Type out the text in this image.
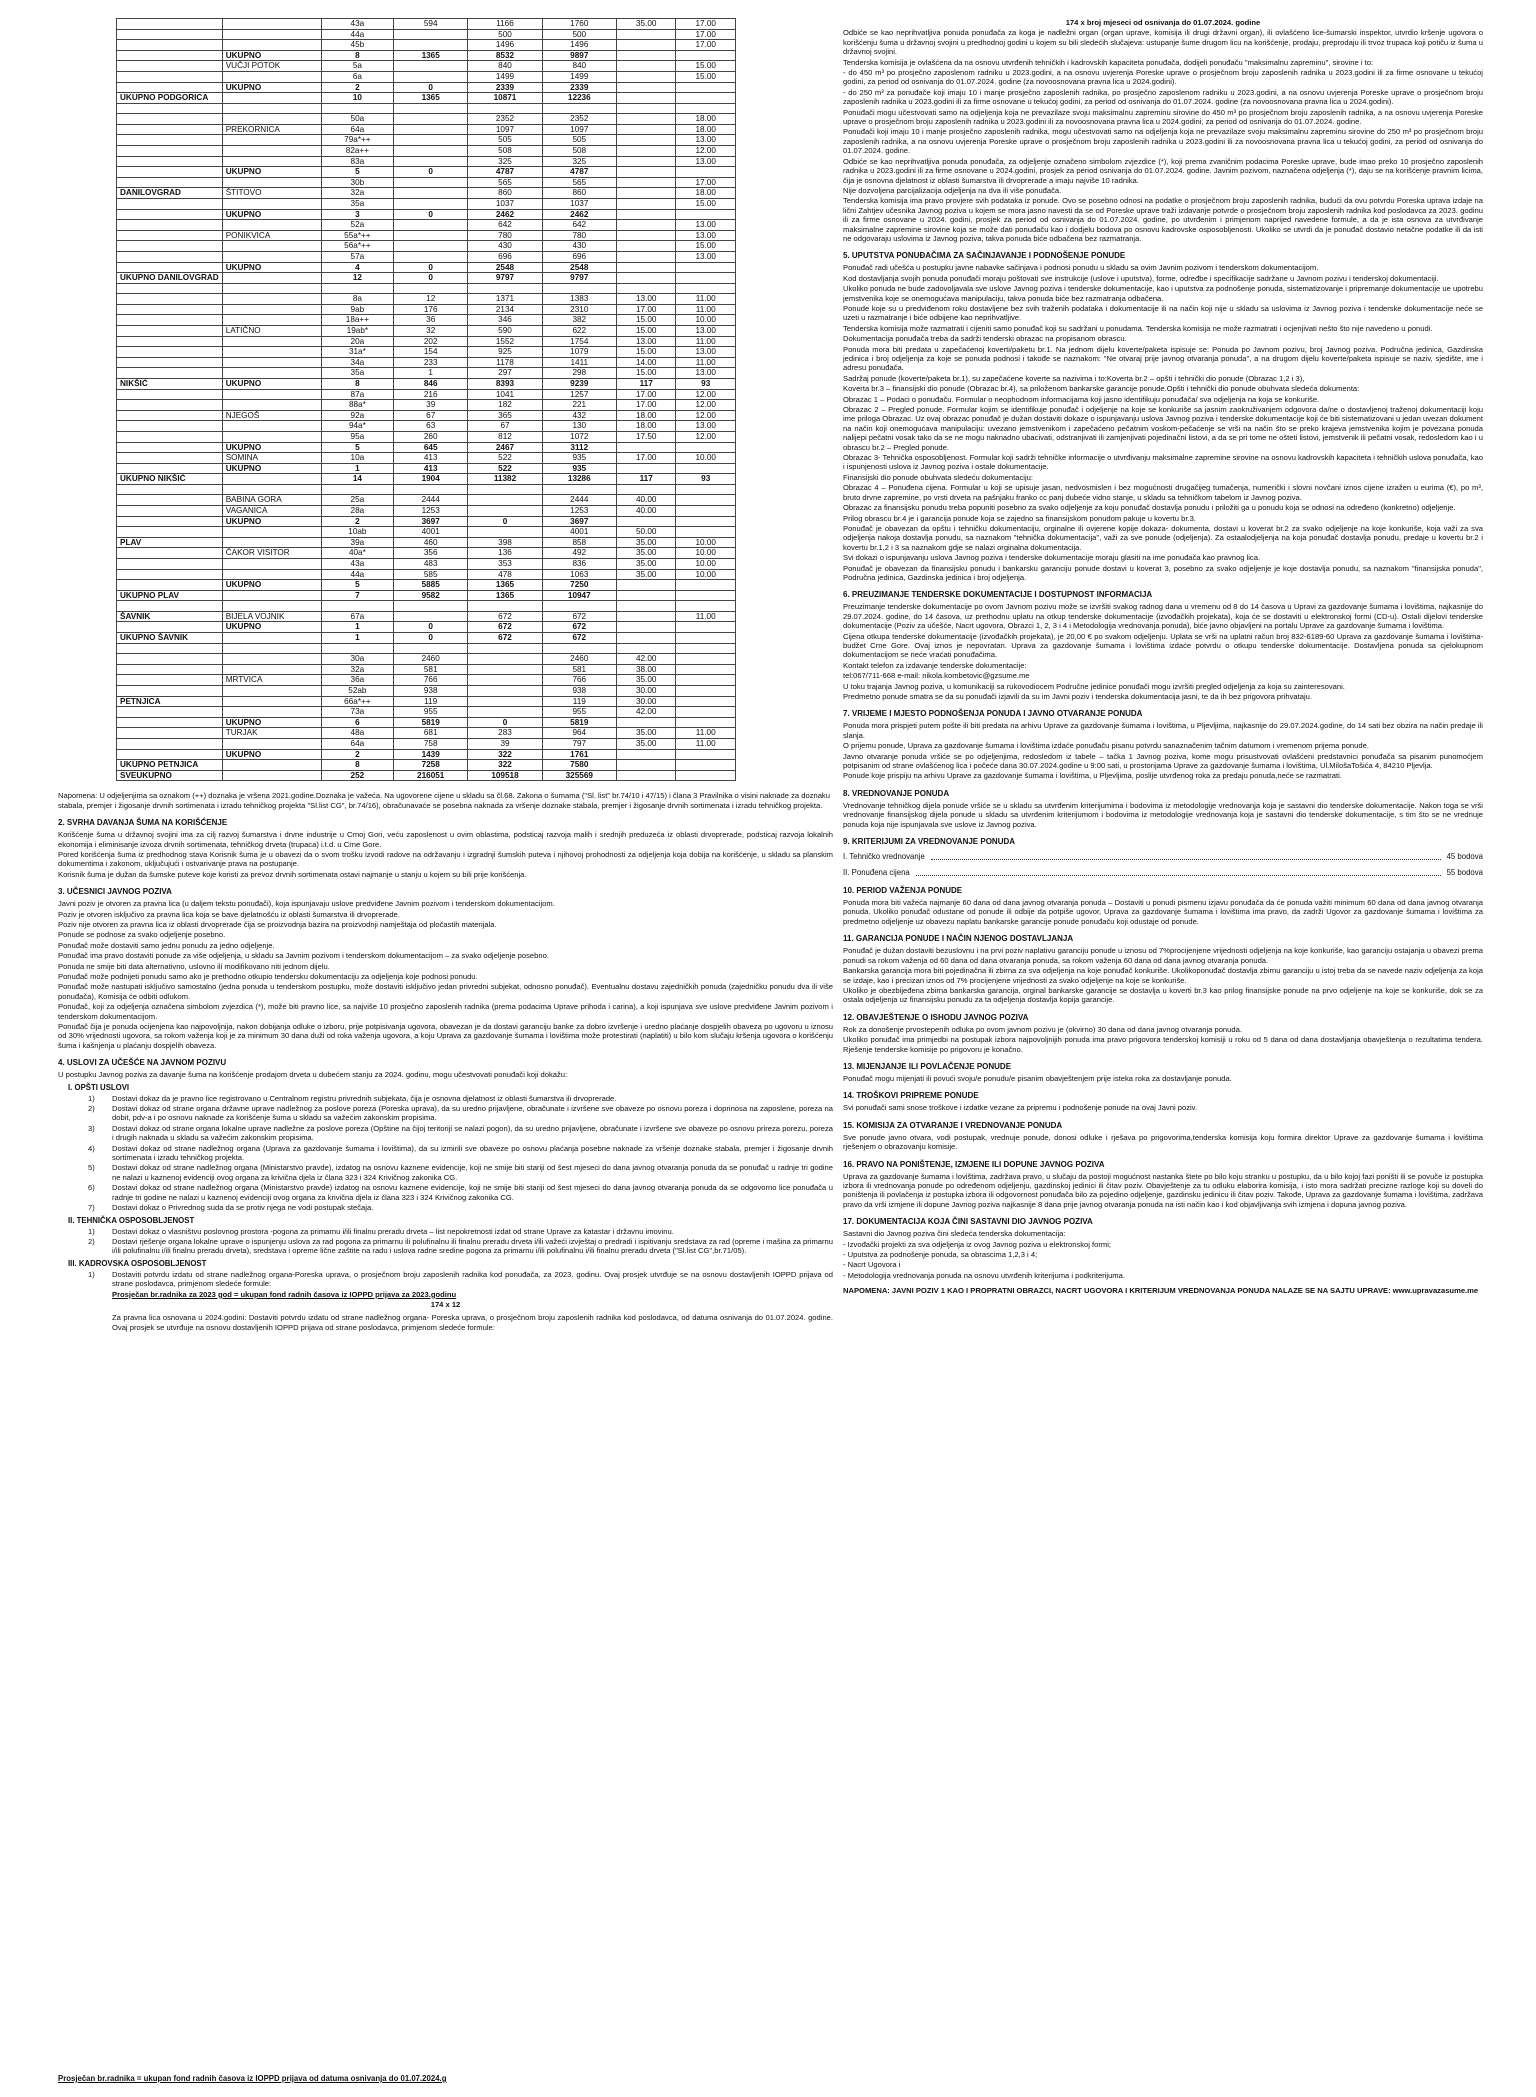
		43a	594	1166	1760	35.00	17.00
		44a		500	500		17.00
		45b		1496	1496		17.00
	UKUPNO	8	1365	8532	9897		
	VUČJI POTOK	5a		840	840		15.00
		6a		1499	1499		15.00
	UKUPNO	2	0	2339	2339		
UKUPNO PODGORICA		10	1365	10871	12236		

		50a		2352	2352		18.00
	PREKORNICA	64a		1097	1097		18.00
		79a*++		505	505		13.00
		82a++		508	508		12.00
		83a		325	325		13.00
	UKUPNO	5	0	4787	4787		
		30b		565	565		17.00
DANILOVGRAD	ŠTITOVO	32a		860	860		18.00
		35a		1037	1037		15.00
	UKUPNO	3	0	2462	2462		
		52a		642	642		13.00
	PONIKVICA	55a*++		780	780		13.00
		56a*++		430	430		15.00
		57a		696	696		13.00
	UKUPNO	4	0	2548	2548		
UKUPNO DANILOVGRAD		12	0	9797	9797		

		8a	12	1371	1383	13.00	11.00
		9ab	176	2134	2310	17.00	11.00
		18a++	36	346	382	15.00	10.00
	LATIČNO	19ab*	32	590	622	15.00	13.00
		20a	202	1552	1754	13.00	11.00
		31a*	154	925	1079	15.00	13.00
		34a	233	1178	1411	14.00	11.00
		35a	1	297	298	15.00	13.00
NIKŠIĆ	UKUPNO	8	846	8393	9239	117	93
		87a	216	1041	1257	17.00	12.00
		88a*	39	182	221	17.00	12.00
	NJEGOŠ	92a	67	365	432	18.00	12.00
		94a*	63	67	130	18.00	13.00
		95a	260	812	1072	17.50	12.00
	UKUPNO	5	645	2467	3112		
	SOMINA	10a	413	522	935	17.00	10.00
	UKUPNO	1	413	522	935		
UKUPNO NIKŠIĆ		14	1904	11382	13286	117	93

	BABINA GORA	25a	2444		2444	40.00	
	VAGANICA	28a	1253		1253	40.00	
	UKUPNO	2	3697	0	3697		
		10ab	4001		4001	50.00	
PLAV		39a	460	398	858	35.00	10.00
	ČAKOR VISITOR	40a*	356	136	492	35.00	10.00
		43a	483	353	836	35.00	10.00
		44a	585	478	1063	35.00	10.00
	UKUPNO	5	5885	1365	7250		
UKUPNO PLAV		7	9582	1365	10947		

ŠAVNIK	BIJELA VOJNIK	67a		672	672		11.00
	UKUPNO	1	0	672	672		
UKUPNO ŠAVNIK		1	0	672	672		

		30a	2460		2460	42.00	
		32a	581		581	38.00	
	MRTVICA	36a	766		766	35.00	
		52ab	938		938	30.00	
PETNJICA		66a*++	119		119	30.00	
		73a	955		955	42.00	
	UKUPNO	6	5819	0	5819		
	TURJAK	48a	681	283	964	35.00	11.00
		64a	758	39	797	35.00	11.00
	UKUPNO	2	1439	322	1761		
UKUPNO PETNJICA		8	7258	322	7580		
SVEUKUPNO		252	216051	109518	325569		

Napomena: U odjeljenjima sa oznakom (++) doznaka je vršena 2021.godine.Doznaka je važeća. Na ugovorene cijene u skladu sa čl.68. Zakona o šumama ("Sl. list" br.74/10 i 47/15) i člana 3 Pravilnika o visini naknade za doznaku stabala, premjer i žigosanje drvnih sortimenata i izradu tehničkog projekta "Sl.list CG", br.74/16), obračunavaće se posebna naknada za vršenje doznake stabala, premjer i žigosanje drvnih sortimenata i izradu tehničkog projekta.

2. SVRHA DAVANJA ŠUMA NA KORIŠĆENJE

Korišćenje šuma u državnoj svojini ima za cilj razvoj šumarstva i drvne industrije u Crnoj Gori, veću zaposlenost u ovim oblastima, podsticaj razvoja malih i srednjih preduzeća iz oblasti drvoprerade, podsticaj razvoja lokalnih ekonomija i eliminisanje izvoza drvnih sortimenata, tehničkog drveta (trupaca) i.t.d. u Crne Gore.

Pored korišćenja šuma iz predhodnog stava Korisnik šuma je u obavezi da o svom trošku izvodi radove na održavanju i izgradnji šumskih puteva i njihovoj prohodnosti za odjeljenja koja dobija na korišćenje, u skladu sa planskim dokumentima i zakonom, uključujući i ostvarivanje prava na postupanje.

Korisnik šuma je dužan da šumske puteve koje koristi za prevoz drvnih sortimenata ostavi najmanje u stanju u kojem su bili prije korišćenja.

3. UČESNICI JAVNOG POZIVA

Javni poziv je otvoren za pravna lica (u daljem tekstu ponuđači), koja ispunjavaju uslove predviđene Javnim pozivom i tenderskom dokumentacijom.

Poziv je otvoren isključivo za pravna lica koja se bave djelatnošću iz oblasti šumarstva ili drvoprerade.

Poziv nije otvoren za pravna lica iz oblasti drvoprerade čija se proizvodnja bazira na proizvodnji namještaja od pločastih materijala.

Ponude se podnose za svako odjeljenje posebno.

Ponuđač može dostaviti samo jednu ponudu za jedno odjeljenje.

Ponuđač ima pravo dostaviti ponude za više odjeljenja, u skladu sa Javnim pozivom i tenderskom dokumentacijom – za svako odjeljenje posebno.

Ponuda ne smije biti data alternativno, uslovno ili modifikovano niti jednom dijelu.

Ponuđač može podnijeti ponudu samo ako je prethodno otkupio tendersku dokumentaciju za odjeljenja koje podnosi ponudu.

Ponuđač može nastupati isključivo samostalno (jedna ponuda u tenderskom postupku, može dostaviti isključivo jedan privredni subjekat, odnosno ponuđač). Eventualnu dostavu zajedničkih ponuda (zajedničku ponudu dva ili više ponuđača), Komisija će odbiti odlukom.

Ponuđač, koji za odjeljenja označena simbolom zvjezdica (*), može biti pravno lice, sa najviše 10 prosječno zaposlenih radnika (prema podacima Uprave prihoda i carina), a koji ispunjava sve uslove predviđene Javnim pozivom i tenderskom dokumentacijom.

Ponuđač čija je ponuda ocijenjena kao najpovoljnija, nakon dobijanja odluke o izboru, prije potpisivanja ugovora, obavezan je da dostavi garanciju banke za dobro izvršenje i uredno plaćanje dospjelih obaveza po ugovoru u iznosu od 30% vrijednosti ugovora, sa rokom važenja koji je za minimum 30 dana duži od roka važenja ugovora, a koju Uprava za gazdovanje šumama i lovištima može protestirati (naplatiti) u bilo kom slučaju kršenja ugovora o korišćenju šuma i kašnjenja u plaćanju dospjelih obaveza.

4. USLOVI ZA UČEŠĆE NA JAVNOM POZIVU

U postupku Javnog poziva za davanje šuma na korišćenje prodajom drveta u dubećem stanju za 2024. godinu, mogu učestvovati ponuđači koji dokažu:

I. OPŠTI USLOVI
1)	Dostavi dokaz da je pravno lice registrovano u Centralnom registru privrednih subjekata, čija je osnovna djelatnost iz oblasti šumarstva ili drvoprerade.
2)	Dostavi dokaz od strane organa državne uprave nadležnog za poslove poreza (Poreska uprava), da su uredno prijavljene, obračunate i izvršene sve obaveze po osnovu poreza i doprinosa na zaposlene, poreza na dobit, pdv-a i po osnovu naknade za korišćenje šuma u skladu sa važećim zakonskim propisima.
3)	Dostavi dokaz od strane organa lokalne uprave nadležne za poslove poreza (Opštine na čijoj teritoriji se nalazi pogon), da su uredno prijavljene, obračunate i izvršene sve obaveze po osnovu prireza porezu, poreza i drugih naknada u skladu sa važećim zakonskim propisima.
4)	Dostavi dokaz od strane nadležnog organa (Uprava za gazdovanje šumama i lovištima), da su izmirili sve obaveze po osnovu plaćanja posebne naknade za vršenje doznake stabala, premjer i žigosanje drvnih sortimenata i izradu tehničkog projekta.
5)	Dostavi dokaz od strane nadležnog organa (Ministarstvo pravde), izdatog na osnovu kaznene evidencije, koji ne smije biti stariji od šest mjeseci do dana javnog otvaranja ponuda da se ponuđač u radnje tri godine ne nalazi u kaznenoj evidenciji ovog organa za krivična djela iz člana 323 i 324 Krivičnog zakonika CG.
6)	Dostavi dokaz od strane nadležnog organa (Ministarstvo pravde) izdatog na osnovu kaznene evidencije, koji ne smije biti stariji od šest mjeseci do dana javnog otvaranja ponuda da se odgovorno lice ponuđača u radnje tri godine ne nalazi u kaznenoj evidenciji ovog organa za krivična djela iz člana 323 i 324 Krivičnog zakonika CG.
7)	Dostavi dokaz o Privrednog suda da se protiv njega ne vodi postupak stečaja.
II. TEHNIČKA OSPOSOBLJENOST
1)	Dostavi dokaz o vlasništvu poslovnog prostora -pogona za primarnu i/ili finalnu preradu drveta – list nepokretnosti izdat od strane Uprave za katastar i državnu imovinu.
2)	Dostavi rješenje organa lokalne uprave o ispunjenju uslova za rad pogona za primarnu ili polufinalnu ili finalnu preradu drveta i/ili važeći izvještaj o predradi i ispitivanju sredstava za rad (opreme i mašina za primarnu i/ili polufinalnu i/ili finalnu preradu drveta), sredstava i opreme lične zaštite na radu i uslova radne sredine pogona za primarnu i/ili polufinalnu i/ili finalnu preradu drveta ("Sl.list CG",br.71/05).
III. KADROVSKA OSPOSOBLJENOST
1)	Dostaviti potvrdu izdatu od strane nadležnog organa-Poreska uprava, o prosječnom broju zaposlenih radnika kod ponuđača, za 2023. godinu. Ovaj prosjek utvrđuje se na osnovu dostavljenih IOPPD prijava od strane poslodavca, primjenom sledeće formule:

Prosječan br.radnika za 2023 god = ukupan fond radnih časova iz IOPPD prijava za 2023.godinu

174 x 12

Za pravna lica osnovana u 2024.godini: Dostaviti potvrdu izdatu od strane nadležnog organa- Poreska uprava, o prosječnom broju zaposlenih radnika kod poslodavca, od datuma osnivanja do 01.07.2024. godine. Ovaj prosjek se utvrđuje na osnovu dostavljenih IOPPD prijava od strane poslodavca, primjenom sledeće formule:

Prosječan br.radnika = ukupan fond radnih časova iz IOPPD prijava od datuma osnivanja do 01.07.2024.g

174 x broj mjeseci od osnivanja do 01.07.2024. godine

Odbiće se kao neprihvatljiva ponuda ponuđača za koga je nadležni organ (organ uprave, komisija ili drugi državni organ), ili ovlašćeno lice-šumarski inspektor, utvrdio kršenje ugovora o korišćenju šuma u državnoj svojini u predhodnoj godini u kojem su bili sledećih slučajeva: ustupanje šume drugom licu na korišćenje, prodaju, preprodaju ili trvoz trupaca koji potiču iz šuma u državnoj svojini.

Tenderska komisija je ovlašćena da na osnovu utvrđenih tehničkih i kadrovskih kapaciteta ponuđača, dodijeli ponuđaču "maksimalnu zapreminu", sirovine i to:

- do 450 m³ po prosječno zaposlenom radniku u 2023.godini, a na osnovu uvjerenja Poreske uprave o prosječnom broju zaposlenih radnika u 2023.godini ili za firme osnovane u tekućoj godini, za period od osnivanja do 01.07.2024. godine (za novoosnovana pravna lica u 2024.godini).

- do 250 m³ za ponuđače koji imaju 10 i manje prosječno zaposlenih radnika, po prosječno zaposlenom radniku u 2023.godini, a na osnovu uvjerenja Poreske uprave o prosječnom broju zaposlenih radnika u 2023.godini ili za firme osnovane u tekućoj godini, za period od osnivanja do 01.07.2024. godine (za novoosnovana pravna lica u 2024.godini).

Ponuđači mogu učestvovati samo na odjeljenja koja ne prevazilaze svoju maksimalnu zapreminu sirovine do 450 m³ po prosječnom broju zaposlenih radnika, a na osnovu uvjerenja Poreske uprave o prosječnom broju zaposlenih radnika u 2023.godini ili za novoosnovana pravna lica u 2024.godini, za period od osnivanja do 01.07.2024. godine.

Ponuđači koji imaju 10 i manje prosječno zaposlenih radnika, mogu učestvovati samo na odjeljenja koja ne prevazilaze svoju maksimalnu zapreminu sirovine do 250 m³ po prosječnom broju zaposlenih radnika, a na osnovu uvjerenja Poreske uprave o prosječnom broju zaposlenih radnika u 2023.godini ili za novoosnovana pravna lica u tekućoj godini, za period od osnivanja do 01.07.2024. godine.

Odbiće se kao neprihvatljiva ponuda ponuđača, za odjeljenje označeno simbolom zvjezdice (*), koji prema zvaničnim podacima Poreske uprave, bude imao preko 10 prosječno zaposlenih radnika u 2023.godini ili za firme osnovane u 2024.godini, prosjek za period osnivanja do 01.07.2024. godine. Javnim pozivom, naznačena odjeljenja (*), daju se na korišćenje pravnim licima, čija je osnovna djelatnost iz oblasti šumarstva ili drvoprerade a imaju najviše 10 radnika.

Nije dozvoljena parcijalizacija odjeljenja na dva ili više ponuđača.

Tenderska komisija ima pravo provjere svih podataka iz ponude. Ovo se posebno odnosi na podatke o prosječnom broju zaposlenih radnika, budući da ovu potvrdu Poreska uprava izdaje na lični Zahtjev učesnika Javnog poziva u kojem se mora jasno navesti da se od Poreske uprave traži izdavanje potvrde o prosječnom broju zaposlenih radnika kod poslodavca za 2023. godinu ili za firme osnovane u 2024. godini, prosjek za period od osnivanja do 01.07.2024. godine, po utvrđenim i primjenom naprijed navedene formule, a da je ista osnova za utvrđivanje maksimalne zapremine sirovine koja se može dati ponuđaču kao i dodjelu bodova po osnovu kadrovske osposobljenosti. Ukoliko se utvrdi da je ponuđač dostavio netačne podatke ili da isti ne odgovaraju uslovima iz Javnog poziva, takva ponuda biće odbačena bez razmatranja.

5. UPUTSTVA PONUĐAČIMA ZA SAČINJAVANJE I PODNOŠENJE PONUDE

Ponuđač radi učešća u postupku javne nabavke sačinjava i podnosi ponudu u skladu sa ovim Javnim pozivom i tenderskom dokumentacijom.

Kod dostavljanja svojih ponuda ponuđači moraju poštovati sve instrukcije (uslove i uputstva), forme, određbe i specifikacije sadržane u Javnom pozivu i tenderskoj dokumentaciji.

Ukoliko ponuda ne bude zadovoljavala sve uslove Javnog poziva i tenderske dokumentacije, kao i uputstva za podnošenje ponuda, sistematizovanje i pripremanje dokumentacije ue upotrebu jemstvenika koje se onemogućava manipulaciju, takva ponuda biće bez razmatranja odbačena.

Ponude koje su u predviđenom roku dostavljene bez svih traženih podataka i dokumentacije ili na način koji nije u skladu sa uslovima iz Javnog poziva i tenderske dokumentacije neće se uzeti u razmatranje i biće odbijene kao neprihvatljive.

Tenderska komisija može razmatrati i cijeniti samo ponuđač koji su sadržani u ponudama. Tenderska komisija ne može razmatrati i ocjenjivati nešto što nije navedeno u ponudi.

Dokumentacija ponuđača treba da sadrži tenderski obrazac na propisanom obrascu.

Ponuda mora biti predata u zapečaćenoj koverti/paketu br.1. Na jednom dijelu koverte/paketa ispisuje se: Ponuda po Javnom pozivu, broj Javnog poziva. Područna jedinica, Gazdinska jedinica i broj odjeljenja za koje se ponuda podnosi i takođe se naznakom: "Ne otvaraj prije javnog otvaranja ponuda", a na drugom dijelu koverte/paketa ispisuje se naziv, sjedište, ime i adresu ponuđača.

Sadržaj ponude (koverte/paketa br.1), su zapečaćene koverte sa nazivima i to:Koverta br.2 – opšti i tehnički dio ponude (Obrazac 1,2 i 3),

Koverta br.3 – finansijski dio ponude (Obrazac br.4), sa priloženom bankarske garancije ponude.Opšti i tehnički dio ponude obuhvata sledeća dokumenta:

Obrazac 1 – Podaci o ponuđaču. Formular o neophodnom informacijama koji jasno identifikuju ponuđača/ sva odjeljenja na koja se konkuriše.

Obrazac 2 – Pregled ponude. Formular kojim se identifikuje ponuđač i odjeljenje na koje se konkuriše sa jasnim zaokruživanjem odgovora da/ne o dostavljenoj traženoj dokumentaciji koju ime priloga Obrazac. Uz ovaj obrazac ponuđač je dužan dostaviti dokaze o ispunjavanju uslova Javnog poziva i tenderske dokumentacije koji će biti sistematizovani u jedan uvezan dokument na način koji onemogućava manipulaciju: uvezano jemstvenikom i zapečaćeno pečatnim voskom-pečaćenje se vrši na način što se preko krajeva jemstvenika kojim je povezana ponuda nalijepi pečatni vosak tako da se ne mogu naknadno ubacivati, odstranjivati ili zamjenjivati pojedinačni listovi, a da se pri tome ne ošteti listovi, jemstvenik ili pečatni vosak, redosledom kao i u obrascu br.2 – Pregled ponude.

Obrazac 3- Tehnička osposobljenost. Formular koji sadrži tehničke informacije o utvrđivanju maksimalne zapremine sirovine na osnovu kadrovskih kapaciteta i tehničkih uslova ponuđača, kao i ispunjenosti uslova iz Javnog poziva i ostale dokumentacije.

Finansijski dio ponude obuhvata sledeću dokumentaciju:

Obrazac 4 – Ponuđena cijena. Formular u koji se upisuje jasan, nedvosmislen i bez mogućnosti drugačijeg tumačenja, numerički i slovni novčani iznos cijene izražen u eurima (€), po m³, bruto drvne zapremine, po vrsti drveta na pašnjaku franko cc panj dubeće vidno stanje, u skladu sa tehničkom tabelom iz Javnog poziva.

Obrazac za finansijsku ponudu treba popuniti posebno za svako odjeljenje za koju ponuđač dostavlja ponudu i priložiti ga u ponudu koja se odnosi na određeno (konkretno) odjeljenje.

Prilog obrascu br.4 je i garancija ponude koja se zajedno sa finansijskom ponudom pakuje u kovertu br.3.

Ponuđač je obavezan da opštu i tehničku dokumentaciju, orginalne ili ovjerene kopije dokaza- dokumenta, dostavi u koverat br.2 za svako odjeljenje na koje konkuriše, koja važi za sva odjeljenja nakoja dostavlja ponudu, sa naznakom "tehnička dokumentacija", važi za sve ponude (odjeljenja). Za ostaalodjeljenja na koja ponuđač dostavlja ponudu, predaje u kovertu br.2 i kovertu br.1,2 i 3 sa naznakom gdje se nalazi orginalna dokumentacija.

Svi dokazi o ispunjavanju uslova Javnog poziva i tenderske dokumentacije moraju glasiti na ime ponuđača kao pravnog lica.

Ponuđač je obavezan da finansijsku ponudu i bankarsku garanciju ponude dostavi u koverat 3, posebno za svako odjeljenje je koje dostavlja ponudu, sa naznakom "finansijska ponuda", Područna jedinica, Gazdinska jedinica i broj odjeljenja.

6. PREUZIMANJE TENDERSKE DOKUMENTACIJE I DOSTUPNOST INFORMACIJA

Preuzimanje tenderske dokumentacije po ovom Javnom pozivu može se izvršiti svakog radnog dana u vremenu od 8 do 14 časova u Upravi za gazdovanje šumama i lovištima, najkasnije do 29.07.2024. godine, do 14 časova, uz prethodnu uplatu na otkup tenderske dokumentacije (izvođačkih projekata), koja će se dostaviti u elektronskoj formi (CD-u). Ostali dijelovi tenderske dokumentacije (Poziv za učešće, Nacrt ugovora, Obrazci 1, 2, 3 i 4 i Metodologija vrednovanja ponuda), biće javno objavljeni na portalu Uprave za gazdovanje šumama i lovištima.

Cijena otkupa tenderske dokumentacije (izvođačkih projekata), je 20,00 € po svakom odjeljenju. Uplata se vrši na uplatni račun broj 832-6189-60 Uprava za gazdovanje šumama i lovištima-budžet Crne Gore. Ovaj iznos je nepovratan. Uprava za gazdovanje šumama i lovištima izdaće potvrdu o otkupu tenderske dokumentacije. Dostavljena ponuda sa cjelokupnom dokumentacijom se neće vraćati ponuđačima.

Kontakt telefon za izdavanje tenderske dokumentacije:

tel:067/711-668 e-mail: nikola.kombetovic@gzsume.me

U toku trajanja Javnog poziva, u komunikaciji sa rukovodiocem Područne jedinice ponuđači mogu izvršiti pregled odjeljenja za koja su zainteresovani.

Predmetno ponude smatra se da su ponuđači izjavili da su im Javni poziv i tenderska dokumentacija jasni, te da ih bez prigovora prihvataju.

7. VRIJEME I MJESTO PODNOŠENJA PONUDA I JAVNO OTVARANJE PONUDA

Ponuda mora prispjeti putem pošte ili biti predata na arhivu Uprave za gazdovanje šumama i lovištima, u Pljevljima, najkasnije do 29.07.2024.godine, do 14 sati bez obzira na način predaje ili slanja.

O prijemu ponude, Uprava za gazdovanje šumama i lovištima izdaće ponuđaču pisanu potvrdu sanaznačenim tačnim datumom i vremenom prijema ponude.

Javno otvaranje ponuda vršiće se po odjeljenjima, redosledom iz tabele – tačka 1 Javnog poziva, kome mogu prisustvovati ovlašćeni predstavnici ponuđača sa pisanim punomoćjem potpisanim od strane ovlašćenog lica i počeće dana 30.07.2024.godine u 9:00 sati, u prostorijama Uprave za gazdovanje šumama i lovištima, Ul.MilošaTošića 4, 84210 Pljevlja.

Ponude koje prispiju na arhivu Uprave za gazdovanje šumama i lovištima, u Pljevljima, poslije utvrđenog roka za predaju ponuda,neće se razmatrati.

8. VREDNOVANJE PONUDA

Vrednovanje tehničkog dijela ponude vršiće se u skladu sa utvrđenim kriterijumima i bodovima iz metodologije vrednovanja koja je sastavni dio tenderske dokumentacije. Nakon toga se vrši vrednovanje finansijskog dijela ponude u skladu sa utvrđenim kriterijumom i bodovima iz metodologije vrednovanja koja je sastavni dio tenderske dokumentacije, s tim što se ne vrednuje ponuda koja nije ispunjavala sve uslove iz Javnog poziva.

9. KRITERIJUMI ZA VREDNOVANJE PONUDA
I. Tehničko vrednovanje	45 bodova
II. Ponuđena cijena	55 bodova
10. PERIOD VAŽENJA PONUDE

Ponuda mora biti važeća najmanje 60 dana od dana javnog otvaranja ponuda – Dostaviti u ponudi pismenu izjavu ponuđača da će ponuda važiti minimum 60 dana od dana javnog otvaranja ponuda. Ukoliko ponuđač odustane od ponude ili odbije da potpiše ugovor, Uprava za gazdovanje šumama i lovištima ima pravo, da zadrži Ugovor za gazdovanje šumama i lovištima za predmetno odjeljenje uz obavezu naplatu bankarske garancije ponude ponuđaču koji odustaje od ponude.

11. GARANCIJA PONUDE I NAČIN NJENOG DOSTAVLJANJA

Ponuđač je dužan dostaviti bezuslovnu i na prvi poziv naplativu garanciju ponude u iznosu od 7%procijenjene vrijednosti odjeljenja na koje konkuriše, kao garanciju ostajanja u obavezi prema ponudi sa rokom važenja od 60 dana od dana otvaranja ponuda, sa rokom važenja 60 dana od dana javnog otvaranja ponuda.

Bankarska garancija mora biti pojedinačna ili zbirna za sva odjeljenja na koje ponuđač konkuriše. Ukolikoponuđač dostavlja zbirnu garanciju u istoj treba da se navede naziv odjeljenja za koja se izdaje, kao i precizan iznos od 7% procijenjene vrijednosti za svako odjeljenje na koje se konkuriše.

Ukoliko je obezbijeđena zbirna bankarska garancija, orginal bankarske garancije se dostavlja u koverti br.3 kao prilog finansijske ponude na prvo odjeljenje na koje se konkuriše, dok se za ostala odjeljenja uz finansijsku ponudu za ta odjeljenja dostavlja kopija garancije.

12. OBAVJEŠTENJE O ISHODU JAVNOG POZIVA

Rok za donošenje prvostepenih odluka po ovom javnom pozivu je (okvirno) 30 dana od dana javnog otvaranja ponuda.

Ukoliko ponuđač ima primjedbi na postupak izbora najpovoljnijih ponuda ima pravo prigovora tenderskoj komisiji u roku od 5 dana od dana dostavljanja obavještenja o rezultatima tendera. Rješenje tenderske komisije po prigovoru je konačno.

13. MIJENJANJE ILI POVLAČENJE PONUDE

Ponuđač mogu mijenjati ili povući svoju/e ponudu/e pisanim obavještenjem prije isteka roka za dostavljanje ponuda.

14. TROŠKOVI PRIPREME PONUDE

Svi ponuđači sami snose troškove i izdatke vezane za pripremu i podnošenje ponude na ovaj Javni poziv.

15. KOMISIJA ZA OTVARANJE I VREDNOVANJE PONUDA

Sve ponude javno otvara, vodi postupak, vrednuje ponude, donosi odluke i rješava po prigovorima,tenderska komisija koju formira direktor Uprave za gazdovanje šumama i lovištima rješenjem o obrazovanju komisije.

16. PRAVO NA PONIŠTENJE, IZMJENE ILI DOPUNE JAVNOG POZIVA

Uprava za gazdovanje šumama i lovištima, zadržava pravo, u slučaju da postoji mogućnost nastanka štete po bilo koju stranku u postupku, da u bilo kojoj fazi poništi ili se povuče iz postupka izbora ili vrednovanja ponude po određenom odjeljenju, gazdinskoj jedinici ili čitav poziv. Obavještenje za tu odluku elaborira komisija, i isto mora sadržati precizne razloge koji su doveli do poništenja ili povlačenja iz postupka izbora ili odgovornost ponuđača bilo za pojedino odjeljenje, gazdinsku jedinicu ili čitav poziv. Takođe, Uprava za gazdovanje šumama i lovištima, zadržava pravo da vrši izmjene ili dopune Javnog poziva najkasnije 8 dana prije javnog otvaranja ponuda na isti način kao i kod objavljivanja svih izmjena i dopuna javnog poziva.

17. DOKUMENTACIJA KOJA ČINI SASTAVNI DIO JAVNOG POZIVA

Sastavni dio Javnog poziva čini sledeća tenderska dokumentacija:

- Izvođački projekti za sva odjeljenja iz ovog Javnog poziva u elektronskoj formi;

- Uputstva za podnošenje ponuda, sa obrascima 1,2,3 i 4;

- Nacrt Ugovora i

- Metodologija vrednovanja ponuda na osnovu utvrđenih kriterijuma i podkriterijuma.

NAPOMENA: JAVNI POZIV 1 KAO I PROPRATNI OBRAZCI, NACRT UGOVORA I KRITERIJUM VREDNOVANJA PONUDA NALAZE SE NA SAJTU UPRAVE: www.upravazasume.me
